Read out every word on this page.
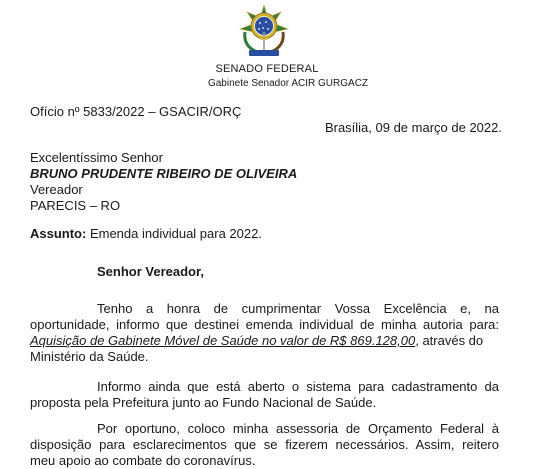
SENADO FEDERAL
Gabinete Senador ACIR GURGACZ
Ofício nº 5833/2022 – GSACIR/ORÇ
Brasília, 09 de março de 2022.
Excelentíssimo Senhor
BRUNO PRUDENTE RIBEIRO DE OLIVEIRA
Vereador
PARECIS – RO
Assunto: Emenda individual para 2022.
Senhor Vereador,
Tenho a honra de cumprimentar Vossa Excelência e, na
oportunidade, informo que destinei emenda individual de minha autoria para:
Aquisição de Gabinete Móvel de Saúde no valor de R$ 869.128,00, através do
Ministério da Saúde.
Informo ainda que está aberto o sistema para cadastramento da
proposta pela Prefeitura junto ao Fundo Nacional de Saúde.
Por oportuno, coloco minha assessoria de Orçamento Federal à
disposição para esclarecimentos que se fizerem necessários. Assim, reitero
meu apoio ao combate do coronavírus.
